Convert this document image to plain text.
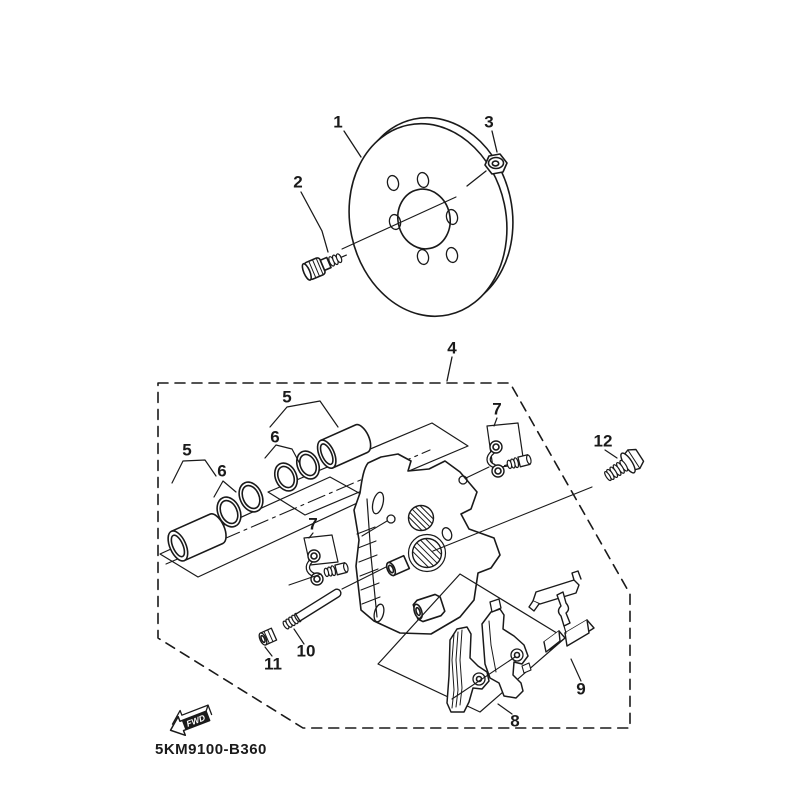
FWD
1
2
3
4
5
5
6
6
7
7
8
9
10
11
12
5KM9100-B360
